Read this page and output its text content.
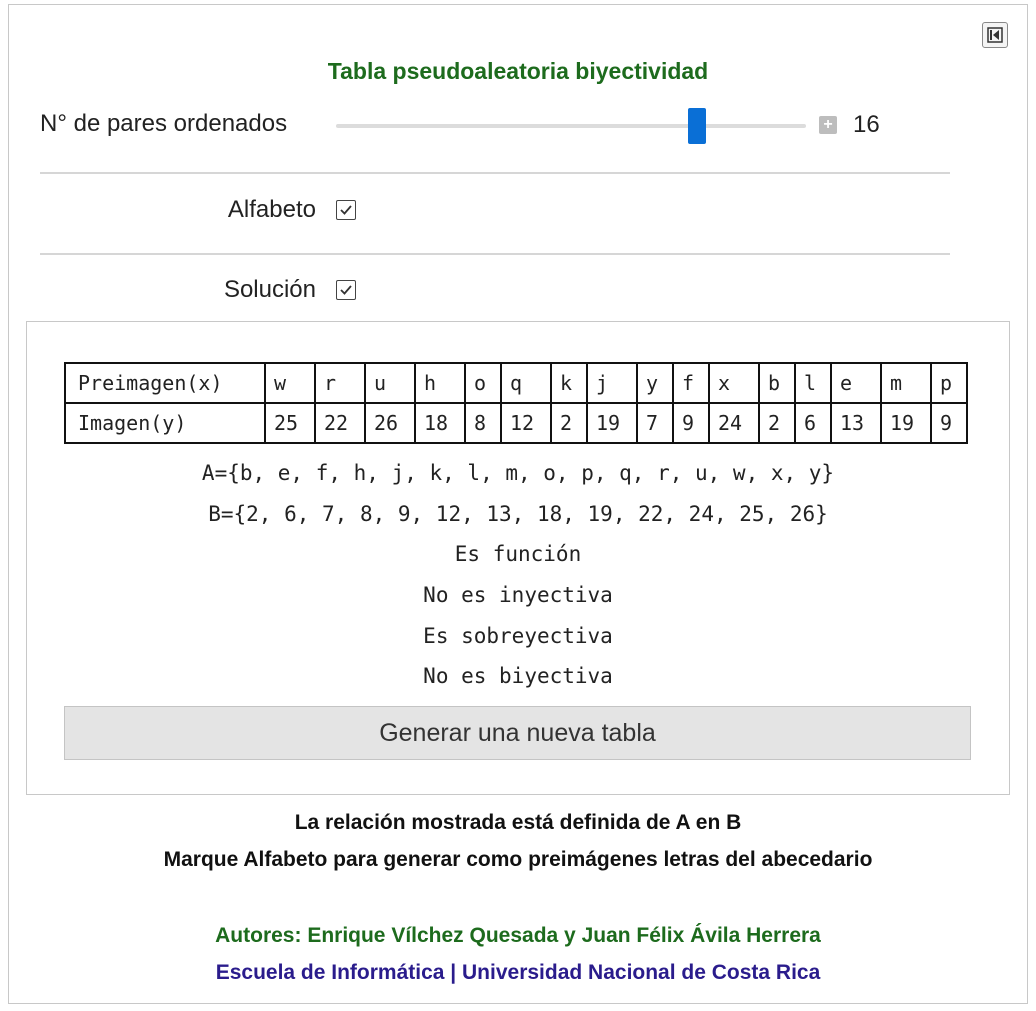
Tabla pseudoaleatoria biyectividad
N° de pares ordenados	+ 16
Alfabeto
Solución
Preimagen(x)	w	r	u	h	o	q	k	j	y	f	x	b	l	e	m	p
Imagen(y)	25	22	26	18	8	12	2	19	7	9	24	2	6	13	19	9
A={b, e, f, h, j, k, l, m, o, p, q, r, u, w, x, y}
B={2, 6, 7, 8, 9, 12, 13, 18, 19, 22, 24, 25, 26}
Es función
No es inyectiva
Es sobreyectiva
No es biyectiva
Generar una nueva tabla
La relación mostrada está definida de A en B
Marque Alfabeto para generar como preimágenes letras del abecedario
Autores: Enrique Vílchez Quesada y Juan Félix Ávila Herrera
Escuela de Informática | Universidad Nacional de Costa Rica
